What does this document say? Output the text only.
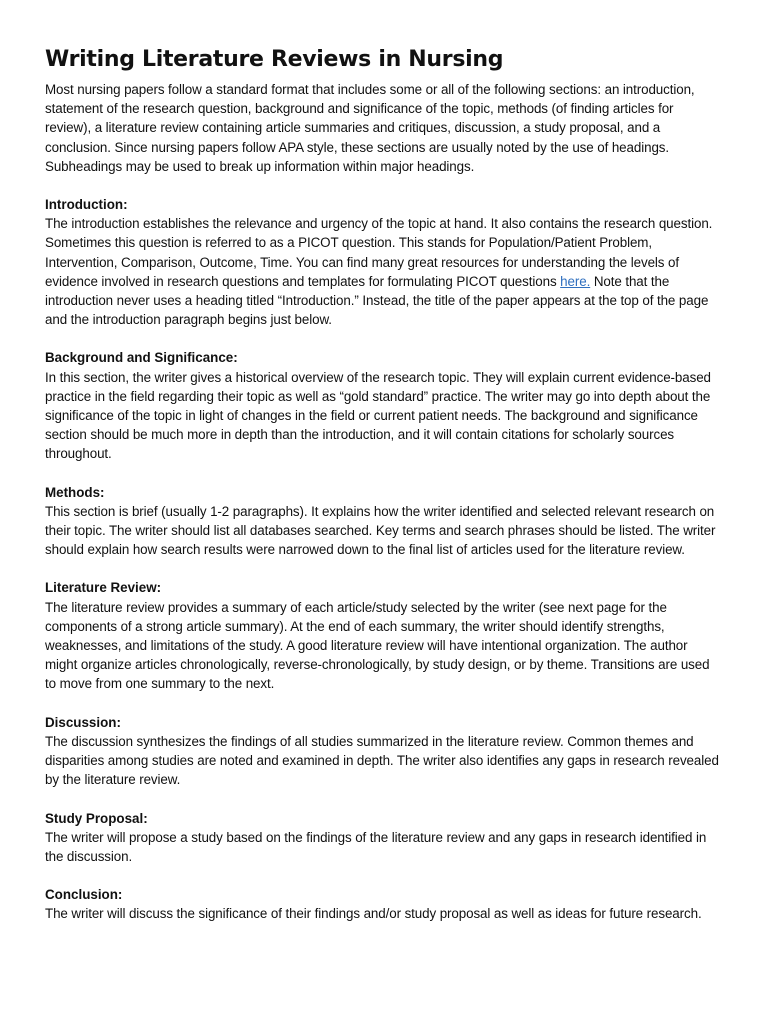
Writing Literature Reviews in Nursing

Most nursing papers follow a standard format that includes some or all of the following sections: an introduction, statement of the research question, background and significance of the topic, methods (of finding articles for review), a literature review containing article summaries and critiques, discussion, a study proposal, and a conclusion. Since nursing papers follow APA style, these sections are usually noted by the use of headings. Subheadings may be used to break up information within major headings.

Introduction:

The introduction establishes the relevance and urgency of the topic at hand. It also contains the research question. Sometimes this question is referred to as a PICOT question. This stands for Population/Patient Problem, Intervention, Comparison, Outcome, Time. You can find many great resources for understanding the levels of evidence involved in research questions and templates for formulating PICOT questions here. Note that the introduction never uses a heading titled “Introduction.” Instead, the title of the paper appears at the top of the page and the introduction paragraph begins just below.

Background and Significance:

In this section, the writer gives a historical overview of the research topic. They will explain current evidence-based practice in the field regarding their topic as well as “gold standard” practice. The writer may go into depth about the significance of the topic in light of changes in the field or current patient needs. The background and significance section should be much more in depth than the introduction, and it will contain citations for scholarly sources throughout.

Methods:

This section is brief (usually 1-2 paragraphs). It explains how the writer identified and selected relevant research on their topic. The writer should list all databases searched. Key terms and search phrases should be listed. The writer should explain how search results were narrowed down to the final list of articles used for the literature review.

Literature Review:

The literature review provides a summary of each article/study selected by the writer (see next page for the components of a strong article summary). At the end of each summary, the writer should identify strengths, weaknesses, and limitations of the study. A good literature review will have intentional organization. The author might organize articles chronologically, reverse-chronologically, by study design, or by theme. Transitions are used to move from one summary to the next.

Discussion:

The discussion synthesizes the findings of all studies summarized in the literature review. Common themes and disparities among studies are noted and examined in depth. The writer also identifies any gaps in research revealed by the literature review.

Study Proposal:

The writer will propose a study based on the findings of the literature review and any gaps in research identified in the discussion.

Conclusion:

The writer will discuss the significance of their findings and/or study proposal as well as ideas for future research.
